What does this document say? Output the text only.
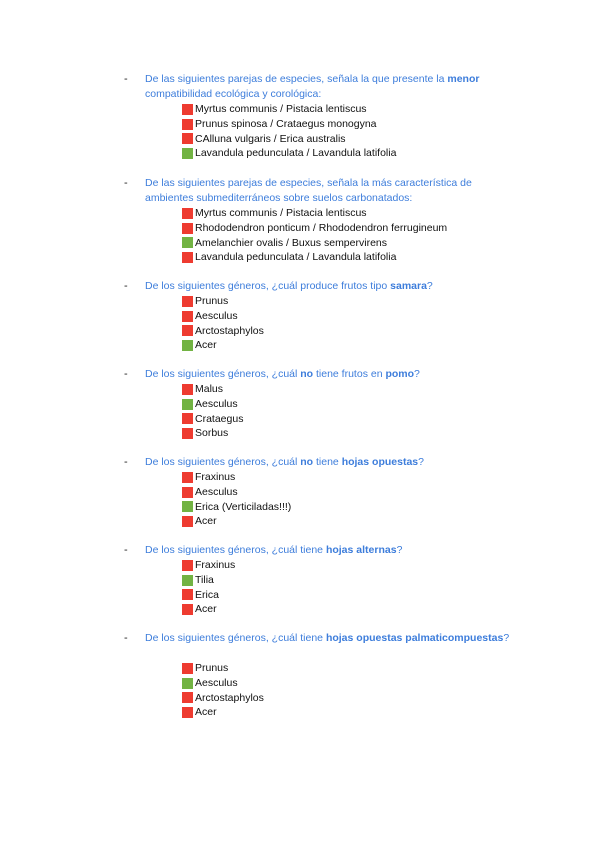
- De las siguientes parejas de especies, señala la que presente la menor compatibilidad ecológica y corológica:
Myrtus communis / Pistacia lentiscus
Prunus spinosa / Crataegus monogyna
CAlluna vulgaris / Erica australis
Lavandula pedunculata / Lavandula latifolia
- De las siguientes parejas de especies, señala la más característica de ambientes submediterráneos sobre suelos carbonatados:
Myrtus communis / Pistacia lentiscus
Rhododendron ponticum / Rhododendron ferrugineum
Amelanchier ovalis / Buxus sempervirens
Lavandula pedunculata / Lavandula latifolia
- De los siguientes géneros, ¿cuál produce frutos tipo samara?
Prunus
Aesculus
Arctostaphylos
Acer
- De los siguientes géneros, ¿cuál no tiene frutos en pomo?
Malus
Aesculus
Crataegus
Sorbus
- De los siguientes géneros, ¿cuál no tiene hojas opuestas?
Fraxinus
Aesculus
Erica (Verticiladas!!!)
Acer
- De los siguientes géneros, ¿cuál tiene hojas alternas?
Fraxinus
Tilia
Erica
Acer
- De los siguientes géneros, ¿cuál tiene hojas opuestas palmaticompuestas?
Prunus
Aesculus
Arctostaphylos
Acer
